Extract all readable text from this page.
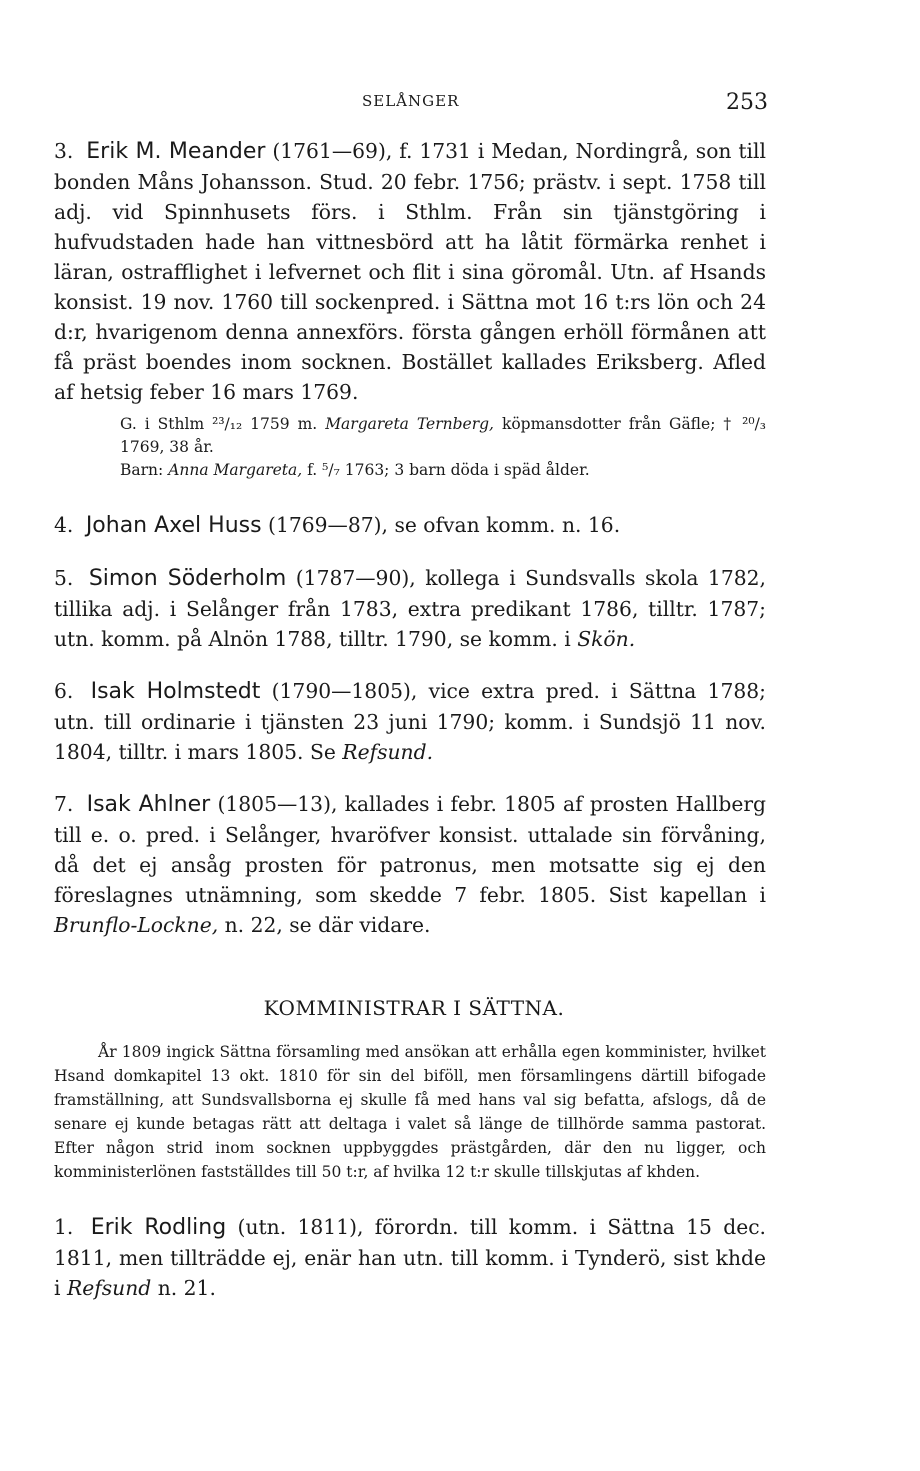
SELÅNGER	253

3. Erik M. Meander (1761—69), f. 1731 i Medan, Nordingrå, son till bonden Måns Johansson. Stud. 20 febr. 1756; prästv. i sept. 1758 till adj. vid Spinnhusets förs. i Sthlm. Från sin tjänstgöring i hufvudstaden hade han vittnesbörd att ha låtit förmärka renhet i läran, ostrafflighet i lefvernet och flit i sina göromål. Utn. af Hsands konsist. 19 nov. 1760 till sockenpred. i Sättna mot 16 t:rs lön och 24 d:r, hvarigenom denna annexförs. första gången erhöll förmånen att få präst boendes inom socknen. Bostället kallades Eriksberg. Afled af hetsig feber 16 mars 1769.

G. i Sthlm ²³/₁₂ 1759 m. Margareta Ternberg, köpmansdotter från Gäfle; † ²⁰/₃ 1769, 38 år.

Barn: Anna Margareta, f. ⁵/₇ 1763; 3 barn döda i späd ålder.

4. Johan Axel Huss (1769—87), se ofvan komm. n. 16.

5. Simon Söderholm (1787—90), kollega i Sundsvalls skola 1782, tillika adj. i Selånger från 1783, extra predikant 1786, tilltr. 1787; utn. komm. på Alnön 1788, tilltr. 1790, se komm. i Skön.

6. Isak Holmstedt (1790—1805), vice extra pred. i Sättna 1788; utn. till ordinarie i tjänsten 23 juni 1790; komm. i Sundsjö 11 nov. 1804, tilltr. i mars 1805. Se Refsund.

7. Isak Ahlner (1805—13), kallades i febr. 1805 af prosten Hallberg till e. o. pred. i Selånger, hvaröfver konsist. uttalade sin förvåning, då det ej ansåg prosten för patronus, men motsatte sig ej den föreslagnes utnämning, som skedde 7 febr. 1805. Sist kapellan i Brunflo-Lockne, n. 22, se där vidare.

KOMMINISTRAR I SÄTTNA.

År 1809 ingick Sättna församling med ansökan att erhålla egen komminister, hvilket Hsand domkapitel 13 okt. 1810 för sin del biföll, men församlingens därtill bifogade framställning, att Sundsvallsborna ej skulle få med hans val sig befatta, afslogs, då de senare ej kunde betagas rätt att deltaga i valet så länge de tillhörde samma pastorat. Efter någon strid inom socknen uppbyggdes prästgården, där den nu ligger, och komministerlönen fastställdes till 50 t:r, af hvilka 12 t:r skulle tillskjutas af khden.

1. Erik Rodling (utn. 1811), förordn. till komm. i Sättna 15 dec. 1811, men tillträdde ej, enär han utn. till komm. i Tynderö, sist khde i Refsund n. 21.
